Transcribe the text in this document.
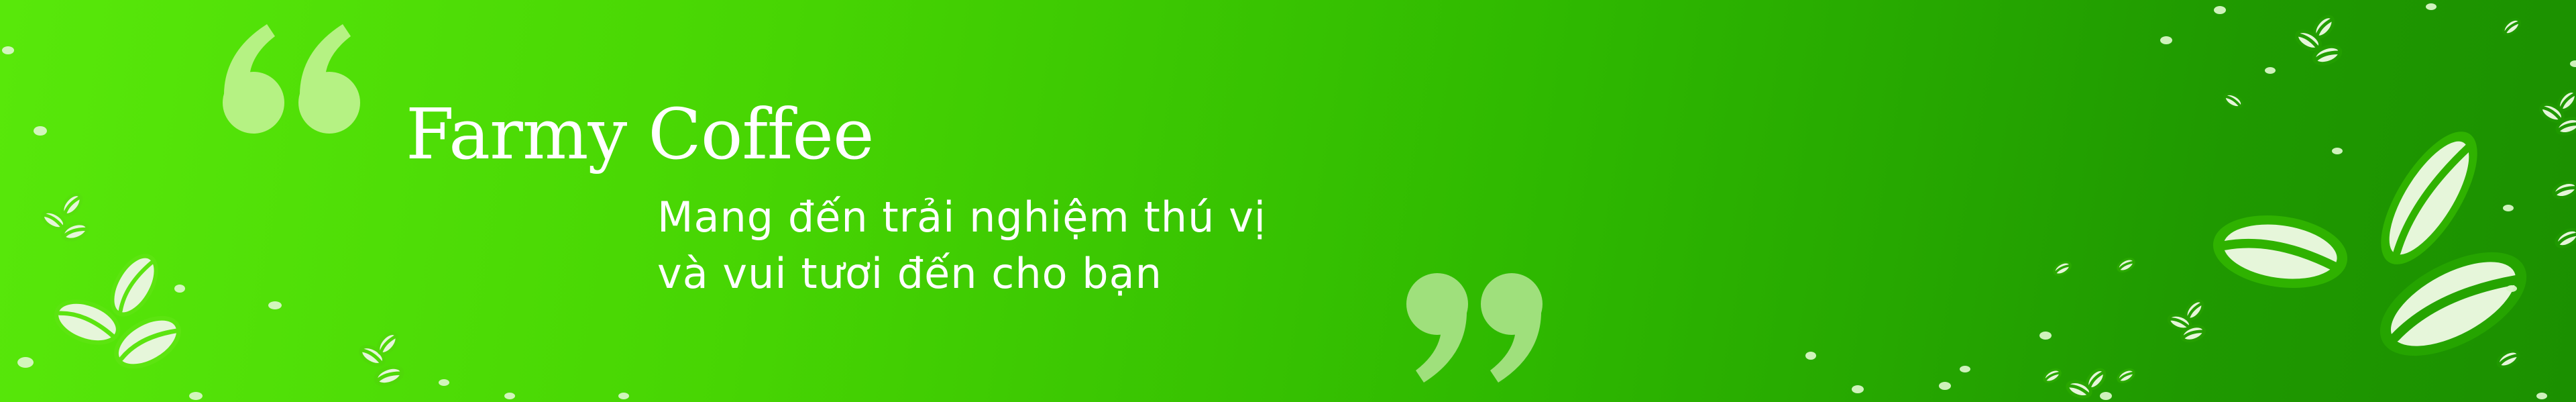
Farmy Coffee

Mang đến trải nghiệm thú vị

và vui tươi đến cho bạn
